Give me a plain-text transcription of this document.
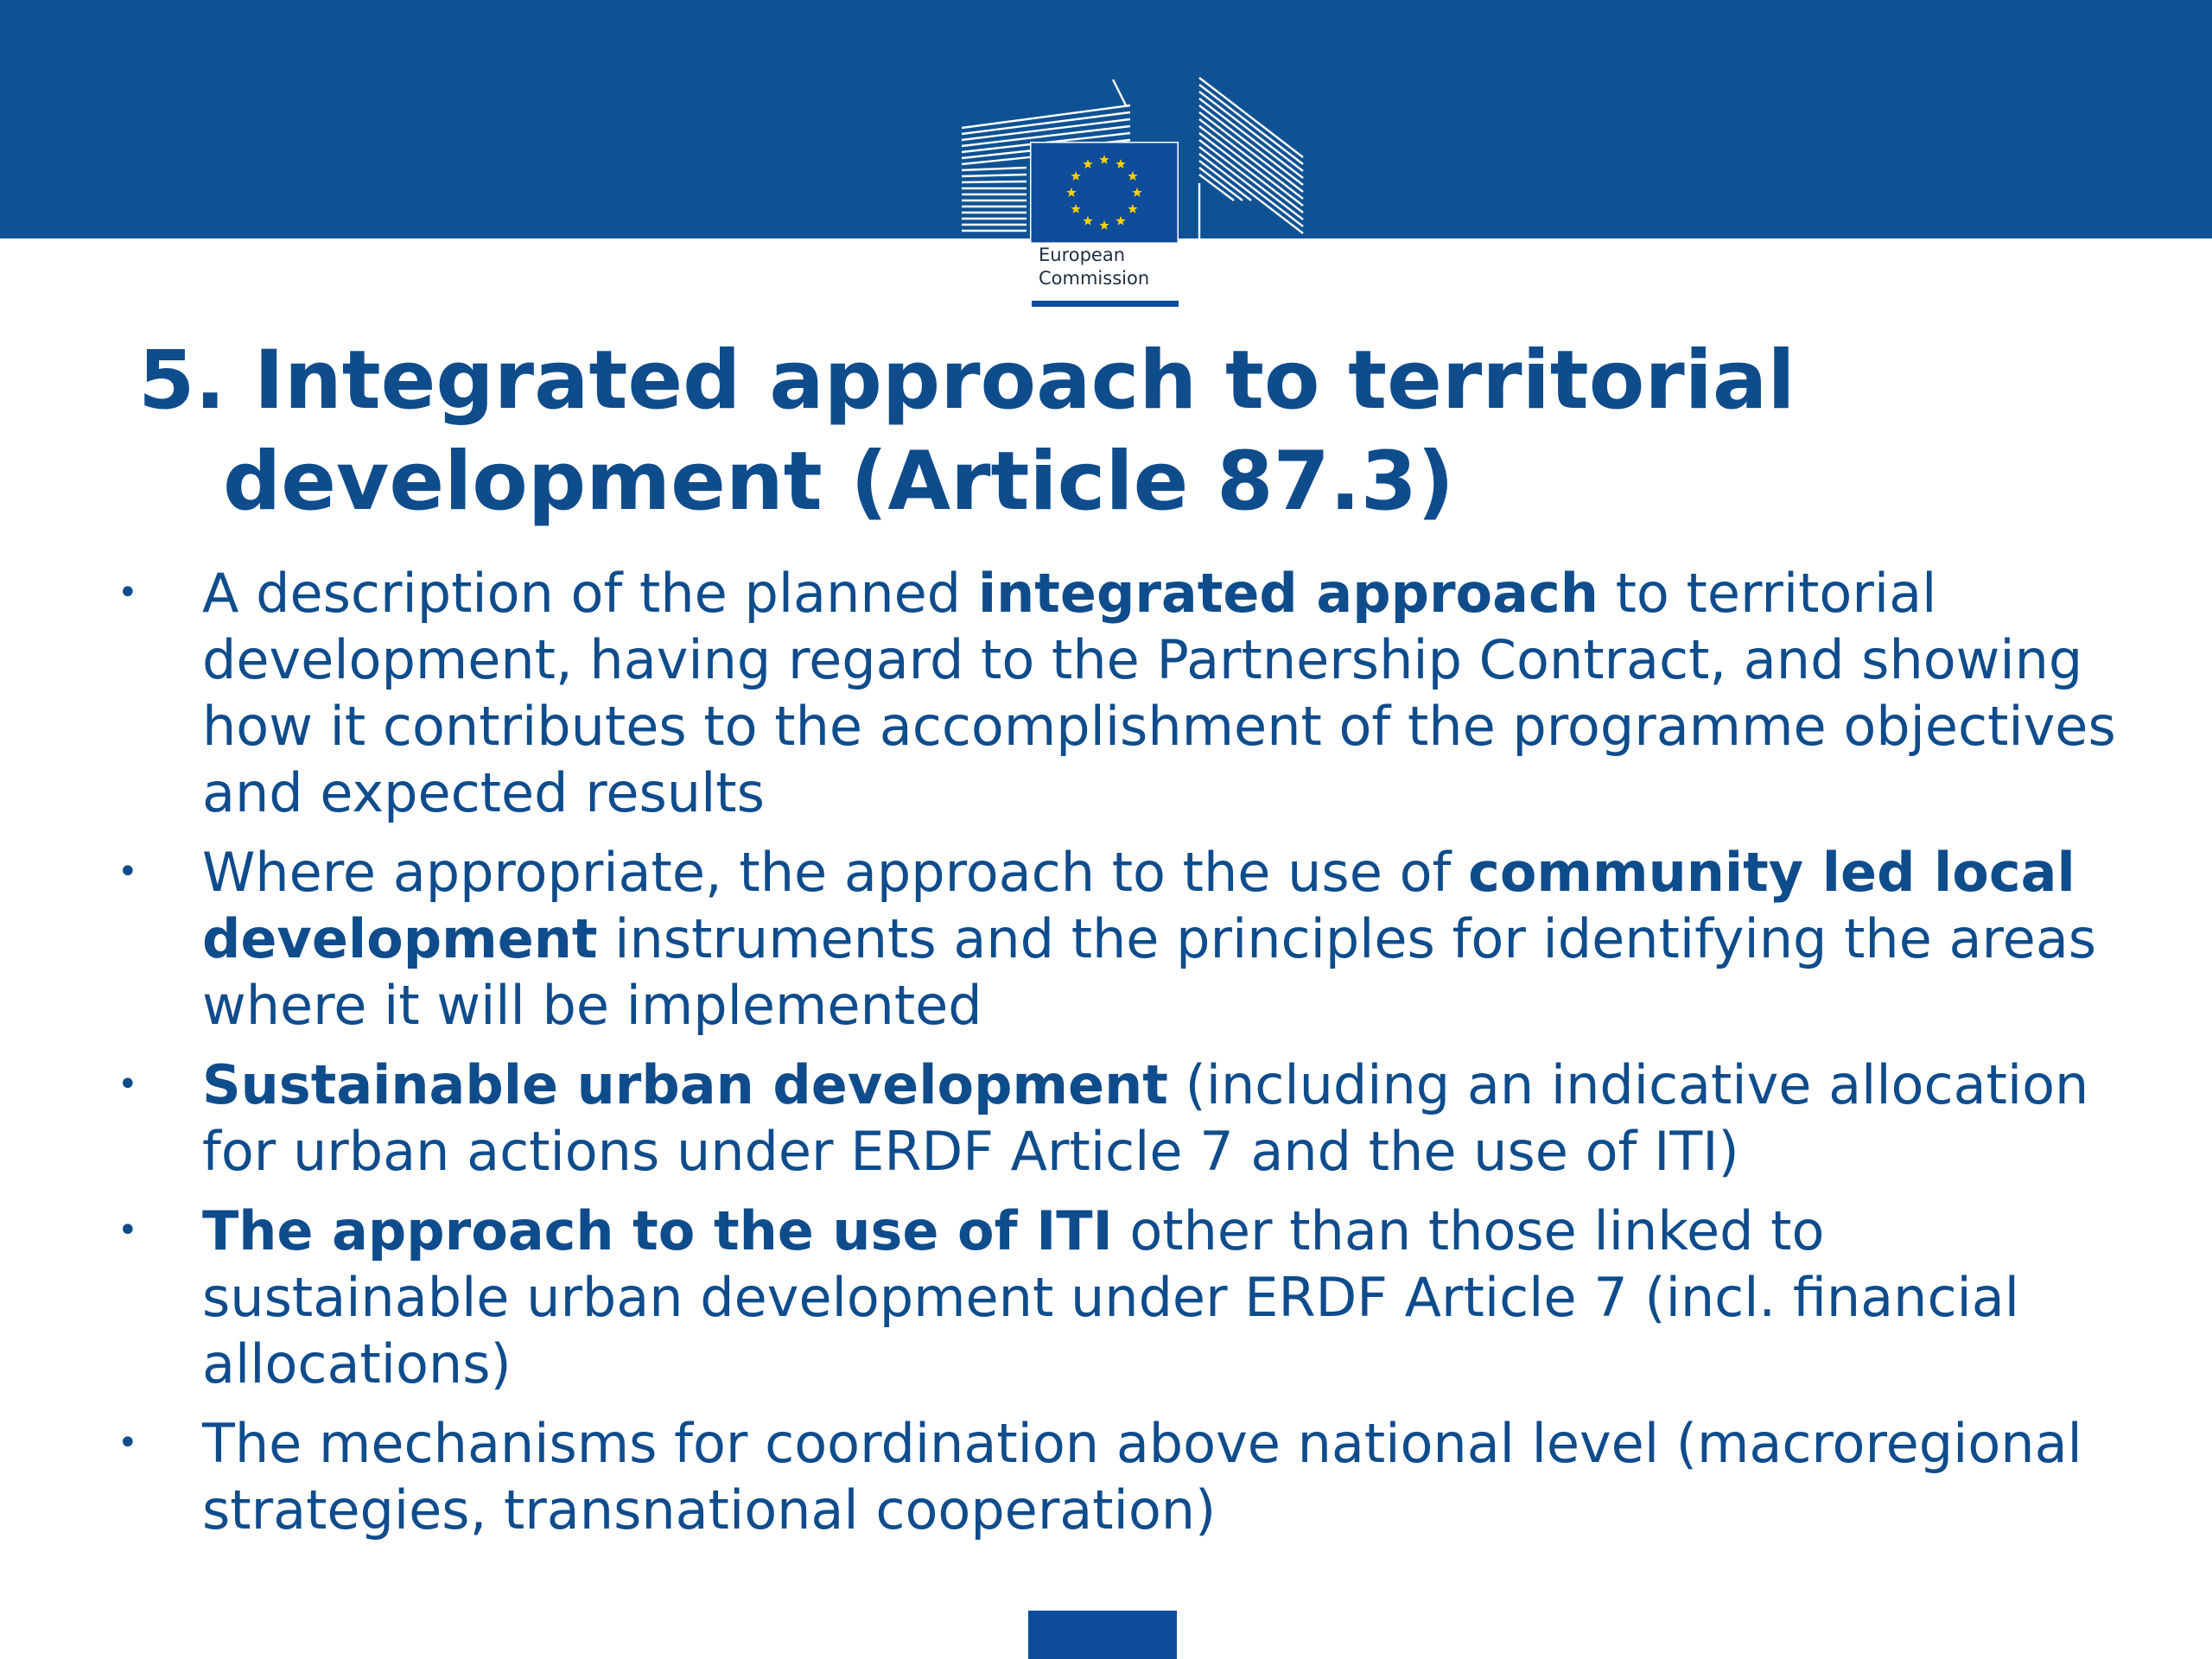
European
Commission
5. Integrated approach to territorial
development (Article 87.3)
• A description of the planned integrated approach to territorial development, having regard to the Partnership Contract, and showing how it contributes to the accomplishment of the programme objectives and expected results
• Where appropriate, the approach to the use of community led local development instruments and the principles for identifying the areas where it will be implemented
• Sustainable urban development (including an indicative allocation for urban actions under ERDF Article 7 and the use of ITI)
• The approach to the use of ITI other than those linked to sustainable urban development under ERDF Article 7 (incl. financial allocations)
• The mechanisms for coordination above national level (macroregional strategies, transnational cooperation)
